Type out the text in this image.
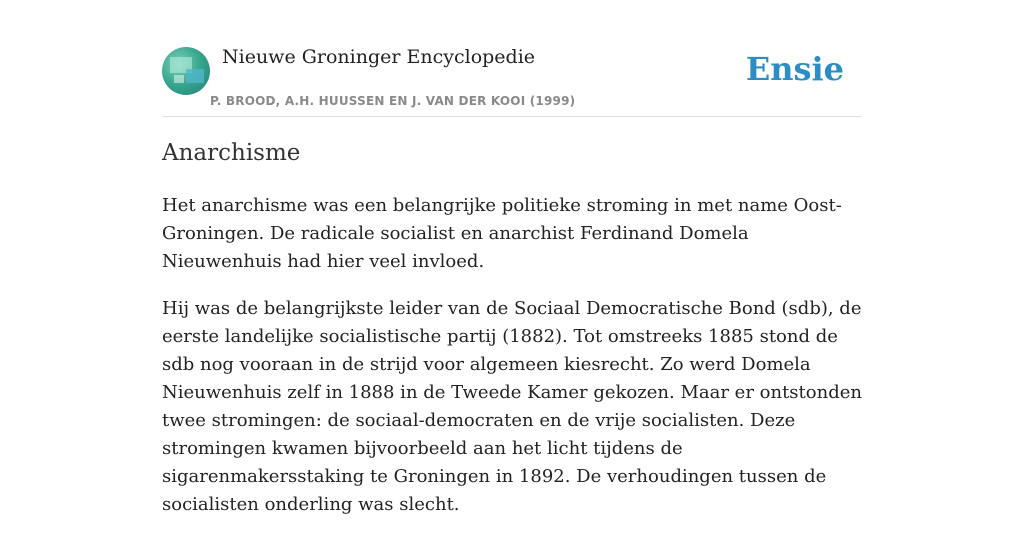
Nieuwe Groninger Encyclopedie
P. BROOD, A.H. HUUSSEN EN J. VAN DER KOOI (1999)
Ensie
Anarchisme

Het anarchisme was een belangrijke politieke stroming in met name Oost-Groningen. De radicale socialist en anarchist Ferdinand Domela Nieuwenhuis had hier veel invloed.

Hij was de belangrijkste leider van de Sociaal Democratische Bond (sdb), de eerste landelijke socialistische partij (1882). Tot omstreeks 1885 stond de sdb nog vooraan in de strijd voor algemeen kiesrecht. Zo werd Domela Nieuwenhuis zelf in 1888 in de Tweede Kamer gekozen. Maar er ontstonden twee stromingen: de sociaal-democraten en de vrije socialisten. Deze stromingen kwamen bijvoorbeeld aan het licht tijdens de sigarenmakersstaking te Groningen in 1892. De verhoudingen tussen de socialisten onderling was slecht.
